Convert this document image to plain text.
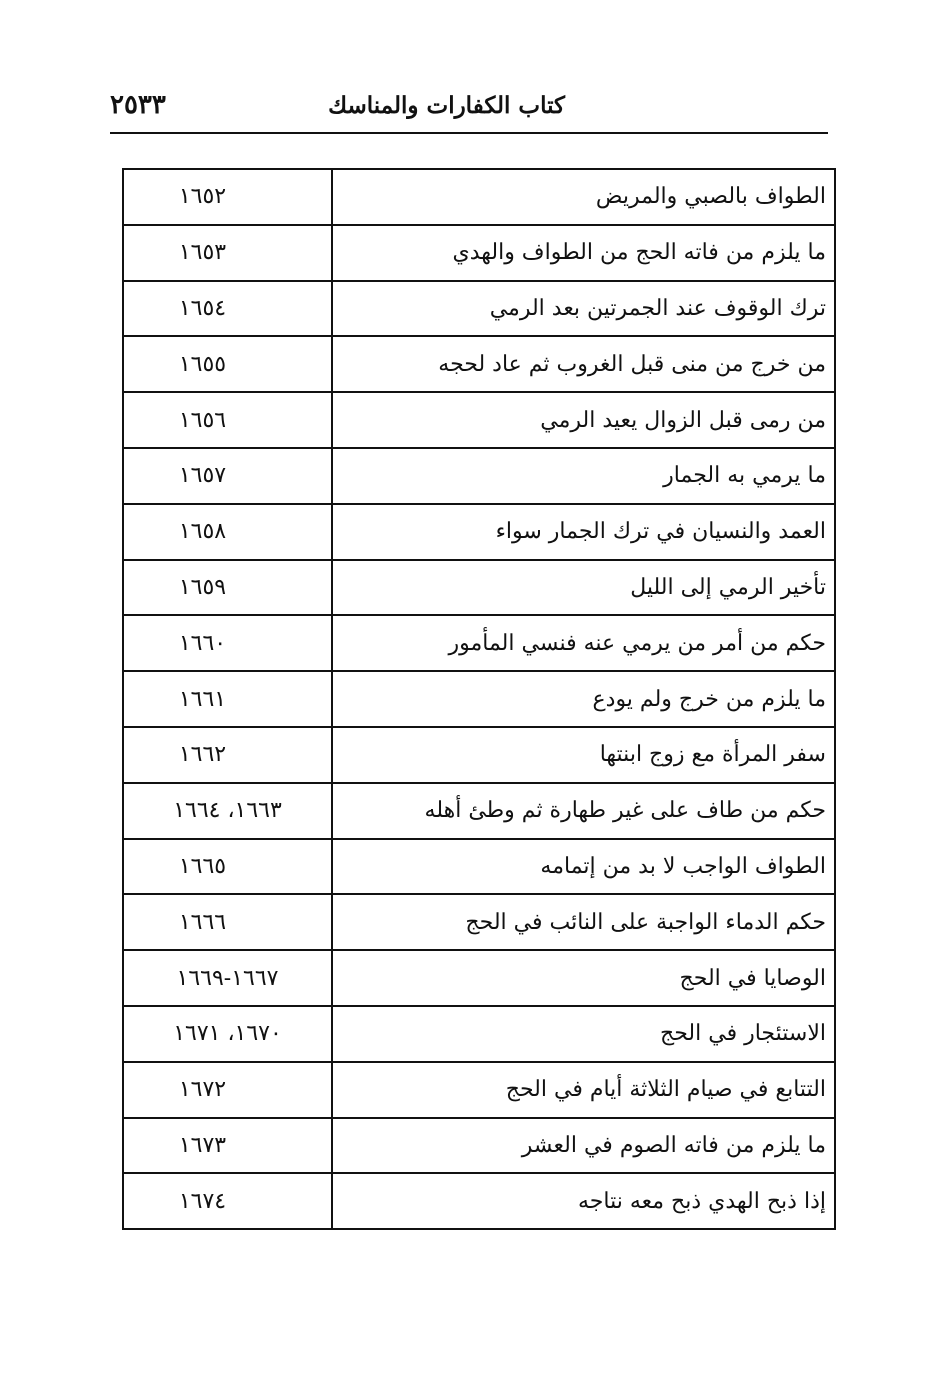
كتاب الكفارات والمناسك
٢٥٣٣
الطواف بالصبي والمريض	١٦٥٢
ما يلزم من فاته الحج من الطواف والهدي	١٦٥٣
ترك الوقوف عند الجمرتين بعد الرمي	١٦٥٤
من خرج من منى قبل الغروب ثم عاد لحجه	١٦٥٥
من رمى قبل الزوال يعيد الرمي	١٦٥٦
ما يرمي به الجمار	١٦٥٧
العمد والنسيان في ترك الجمار سواء	١٦٥٨
تأخير الرمي إلى الليل	١٦٥٩
حكم من أمر من يرمي عنه فنسي المأمور	١٦٦٠
ما يلزم من خرج ولم يودع	١٦٦١
سفر المرأة مع زوج ابنتها	١٦٦٢
حكم من طاف على غير طهارة ثم وطئ أهله	١٦٦٣، ١٦٦٤
الطواف الواجب لا بد من إتمامه	١٦٦٥
حكم الدماء الواجبة على النائب في الحج	١٦٦٦
الوصايا في الحج	١٦٦٧-١٦٦٩
الاستئجار في الحج	١٦٧٠، ١٦٧١
التتابع في صيام الثلاثة أيام في الحج	١٦٧٢
ما يلزم من فاته الصوم في العشر	١٦٧٣
إذا ذبح الهدي ذبح معه نتاجه	١٦٧٤
